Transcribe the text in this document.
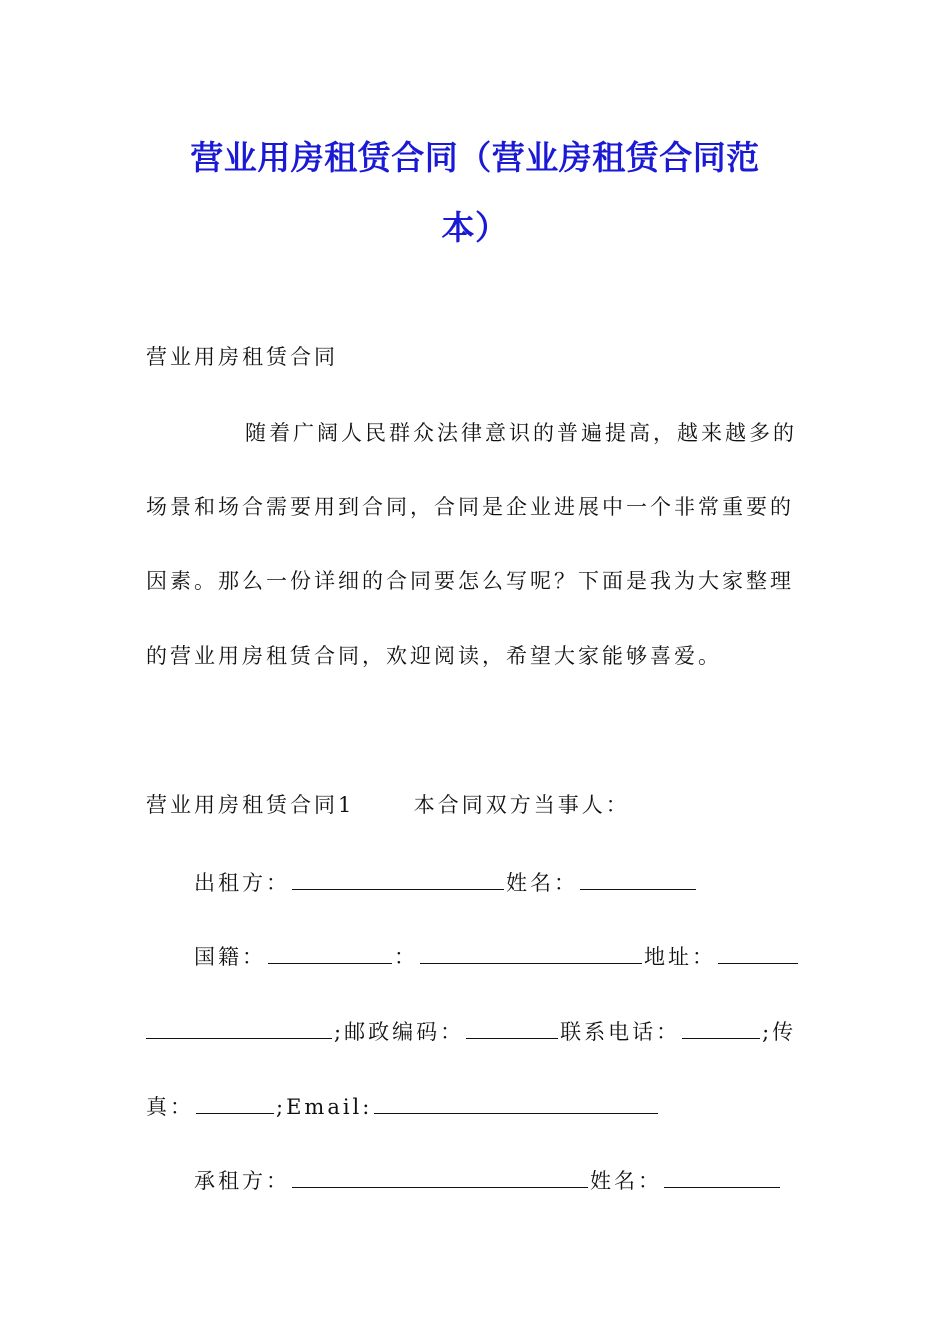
营业用房租赁合同（营业房租赁合同范
本）
营业用房租赁合同
随着广阔人民群众法律意识的普遍提高，越来越多的
场景和场合需要用到合同，合同是企业进展中一个非常重要的
因素。那么一份详细的合同要怎么写呢？下面是我为大家整理
的营业用房租赁合同，欢迎阅读，希望大家能够喜爱。
营业用房租赁合同1	本合同双方当事人：
出租方：	姓名：
国籍：	：	地址：
;邮政编码：	联系电话：	;传
真：	;Email:
承租方：	姓名：
